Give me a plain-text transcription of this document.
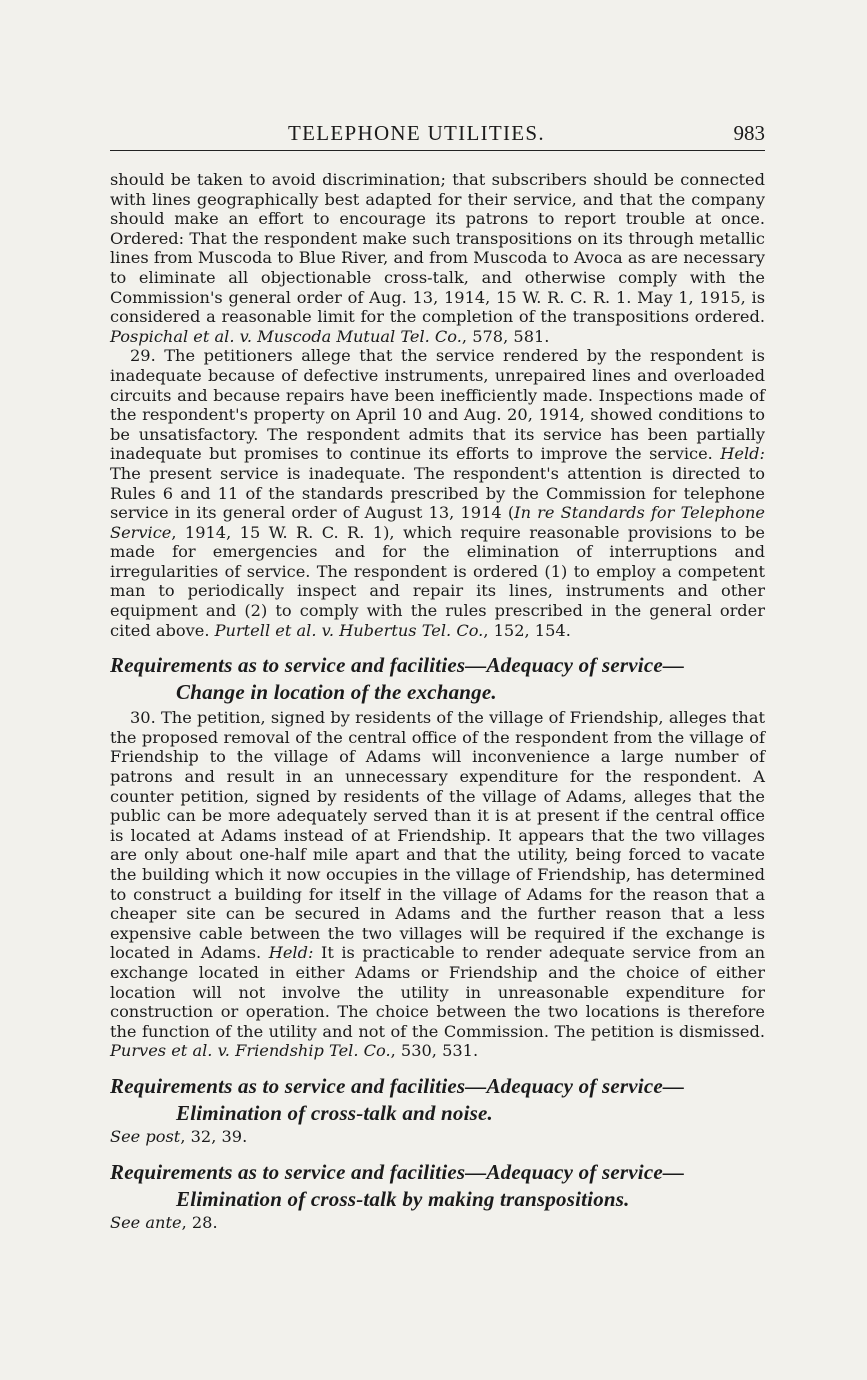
TELEPHONE UTILITIES.	983

should be taken to avoid discrimination; that subscribers should be connected with lines geographically best adapted for their service, and that the company should make an effort to encourage its patrons to report trouble at once. Ordered: That the respondent make such transpositions on its through metallic lines from Muscoda to Blue River, and from Muscoda to Avoca as are necessary to eliminate all objectionable cross-talk, and otherwise comply with the Commission's general order of Aug. 13, 1914, 15 W. R. C. R. 1. May 1, 1915, is considered a reasonable limit for the completion of the transpositions ordered. Pospichal et al. v. Muscoda Mutual Tel. Co., 578, 581.

29. The petitioners allege that the service rendered by the respondent is inadequate because of defective instruments, unrepaired lines and overloaded circuits and because repairs have been inefficiently made. Inspections made of the respondent's property on April 10 and Aug. 20, 1914, showed conditions to be unsatisfactory. The respondent admits that its service has been partially inadequate but promises to continue its efforts to improve the service. Held: The present service is inadequate. The respondent's attention is directed to Rules 6 and 11 of the standards prescribed by the Commission for telephone service in its general order of August 13, 1914 (In re Standards for Telephone Service, 1914, 15 W. R. C. R. 1), which require reasonable provisions to be made for emergencies and for the elimination of interruptions and irregularities of service. The respondent is ordered (1) to employ a competent man to periodically inspect and repair its lines, instruments and other equipment and (2) to comply with the rules prescribed in the general order cited above. Purtell et al. v. Hubertus Tel. Co., 152, 154.

Requirements as to service and facilities—Adequacy of service—
Change in location of the exchange.

30. The petition, signed by residents of the village of Friendship, alleges that the proposed removal of the central office of the respondent from the village of Friendship to the village of Adams will inconvenience a large number of patrons and result in an unnecessary expenditure for the respondent. A counter petition, signed by residents of the village of Adams, alleges that the public can be more adequately served than it is at present if the central office is located at Adams instead of at Friendship. It appears that the two villages are only about one-half mile apart and that the utility, being forced to vacate the building which it now occupies in the village of Friendship, has determined to construct a building for itself in the village of Adams for the reason that a cheaper site can be secured in Adams and the further reason that a less expensive cable between the two villages will be required if the exchange is located in Adams. Held: It is practicable to render adequate service from an exchange located in either Adams or Friendship and the choice of either location will not involve the utility in unreasonable expenditure for construction or operation. The choice between the two locations is therefore the function of the utility and not of the Commission. The petition is dismissed. Purves et al. v. Friendship Tel. Co., 530, 531.

Requirements as to service and facilities—Adequacy of service—
Elimination of cross-talk and noise.

See post, 32, 39.

Requirements as to service and facilities—Adequacy of service—
Elimination of cross-talk by making transpositions.

See ante, 28.
